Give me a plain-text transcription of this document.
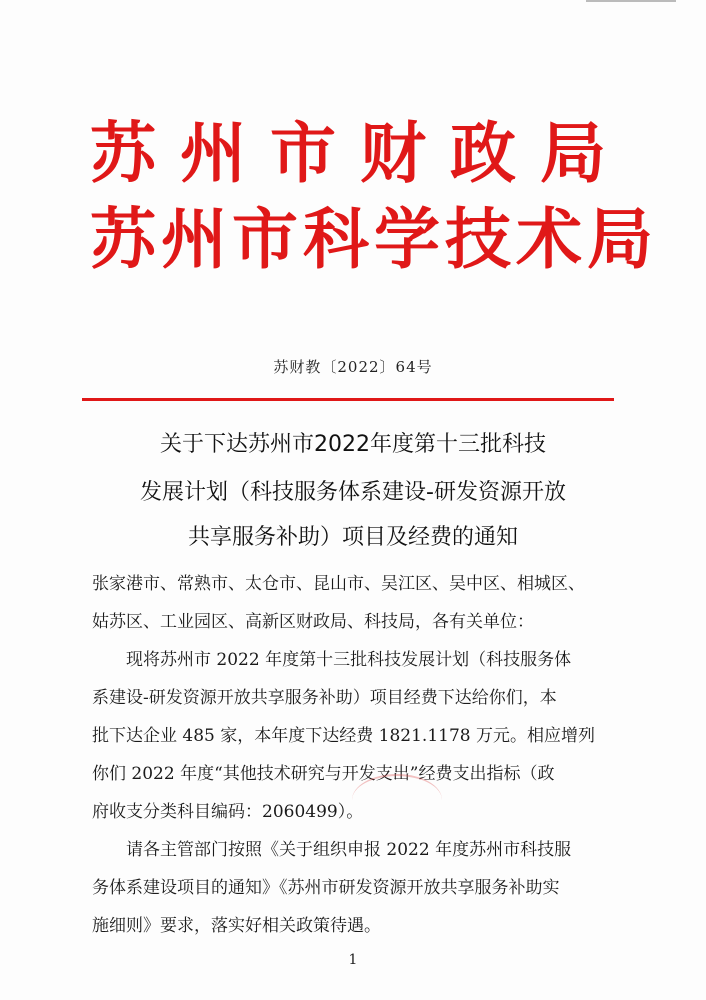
苏州市财政局
苏州市科学技术局
苏财教〔2022〕64号
关于下达苏州市2022年度第十三批科技
发展计划（科技服务体系建设-研发资源开放
共享服务补助）项目及经费的通知
张家港市、常熟市、太仓市、昆山市、吴江区、吴中区、相城区、
姑苏区、工业园区、高新区财政局、科技局，各有关单位：
现将苏州市 2022 年度第十三批科技发展计划（科技服务体
系建设-研发资源开放共享服务补助）项目经费下达给你们，本
批下达企业 485 家，本年度下达经费 1821.1178 万元。相应增列
你们 2022 年度“其他技术研究与开发支出”经费支出指标（政
府收支分类科目编码：2060499）。
请各主管部门按照《关于组织申报 2022 年度苏州市科技服
务体系建设项目的通知》《苏州市研发资源开放共享服务补助实
施细则》要求，落实好相关政策待遇。
1
